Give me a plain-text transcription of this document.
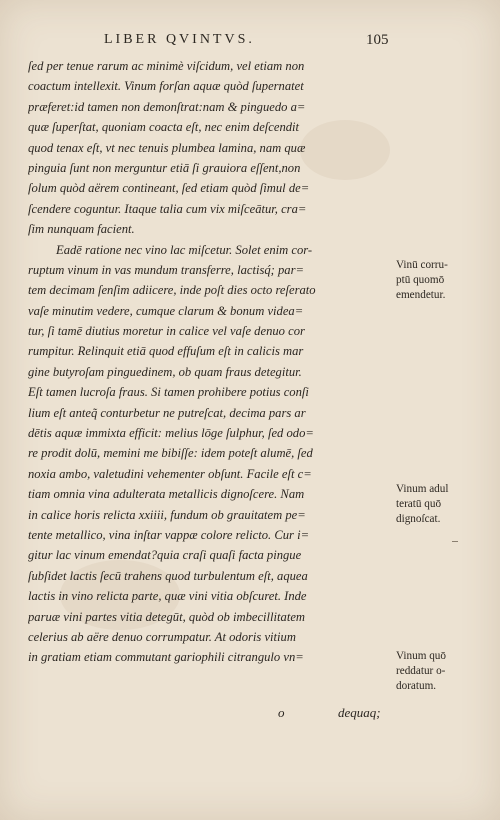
LIBER QVINTVS.	105
ſed per tenue rarum ac minimè viſcidum, vel etiam non
coactum intellexit. Vinum forſan aquæ quòd ſupernatet
præferet:id tamen non demonſtrat:nam & pinguedo a=
quæ ſuperſtat, quoniam coacta eſt, nec enim deſcendit
quod tenax eſt, vt nec tenuis plumbea lamina, nam quæ
pinguia ſunt non merguntur etiā ſi grauiora eſſent,non
ſolum quòd aërem contineant, ſed etiam quòd ſimul de=
ſcendere coguntur. Itaque talia cum vix miſceātur, cra=
ſim nunquam facient.
Eadē ratione nec vino lac miſcetur. Solet enim cor-
ruptum vinum in vas mundum transferre, lactisq́; par=
tem decimam ſenſim adiicere, inde poſt dies octo reſerato
vaſe minutim vedere, cumque clarum & bonum videa=
tur, ſi tamē diutius moretur in calice vel vaſe denuo cor
rumpitur. Relinquit etiā quod effuſum eſt in calicis mar
gine butyroſam pinguedinem, ob quam fraus detegitur.
Eſt tamen lucroſa fraus. Si tamen prohibere potius conſi
lium eſt anteq̃ conturbetur ne putreſcat, decima pars ar
dētis aquæ immixta efficit: melius lōge ſulphur, ſed odo=
re prodit dolū, memini me bibiſſe: idem poteſt alumē, ſed
noxia ambo, valetudini vehementer obſunt. Facile eſt c=
tiam omnia vina adulterata metallicis dignoſcere. Nam
in calice horis relicta xxiiii, fundum ob grauitatem pe=
tente metallico, vina inſtar vappæ colore relicto. Cur i=
gitur lac vinum emendat?quia craſi quaſi facta pingue
ſubſidet lactis ſecū trahens quod turbulentum eſt, aquea
lactis in vino relicta parte, quæ vini vitia obſcuret. Inde
paruæ vini partes vitia detegūt, quòd ob imbecillitatem
celerius ab aëre denuo corrumpatur. At odoris vitium
in gratiam etiam commutant gariophili citrangulo vn=
Vinū corru-
ptū quomō
emendetur.
Vinum adul
teratū quō
dignoſcat.
Vinum quō
reddatur o-
doratum.
o	dequaq;
